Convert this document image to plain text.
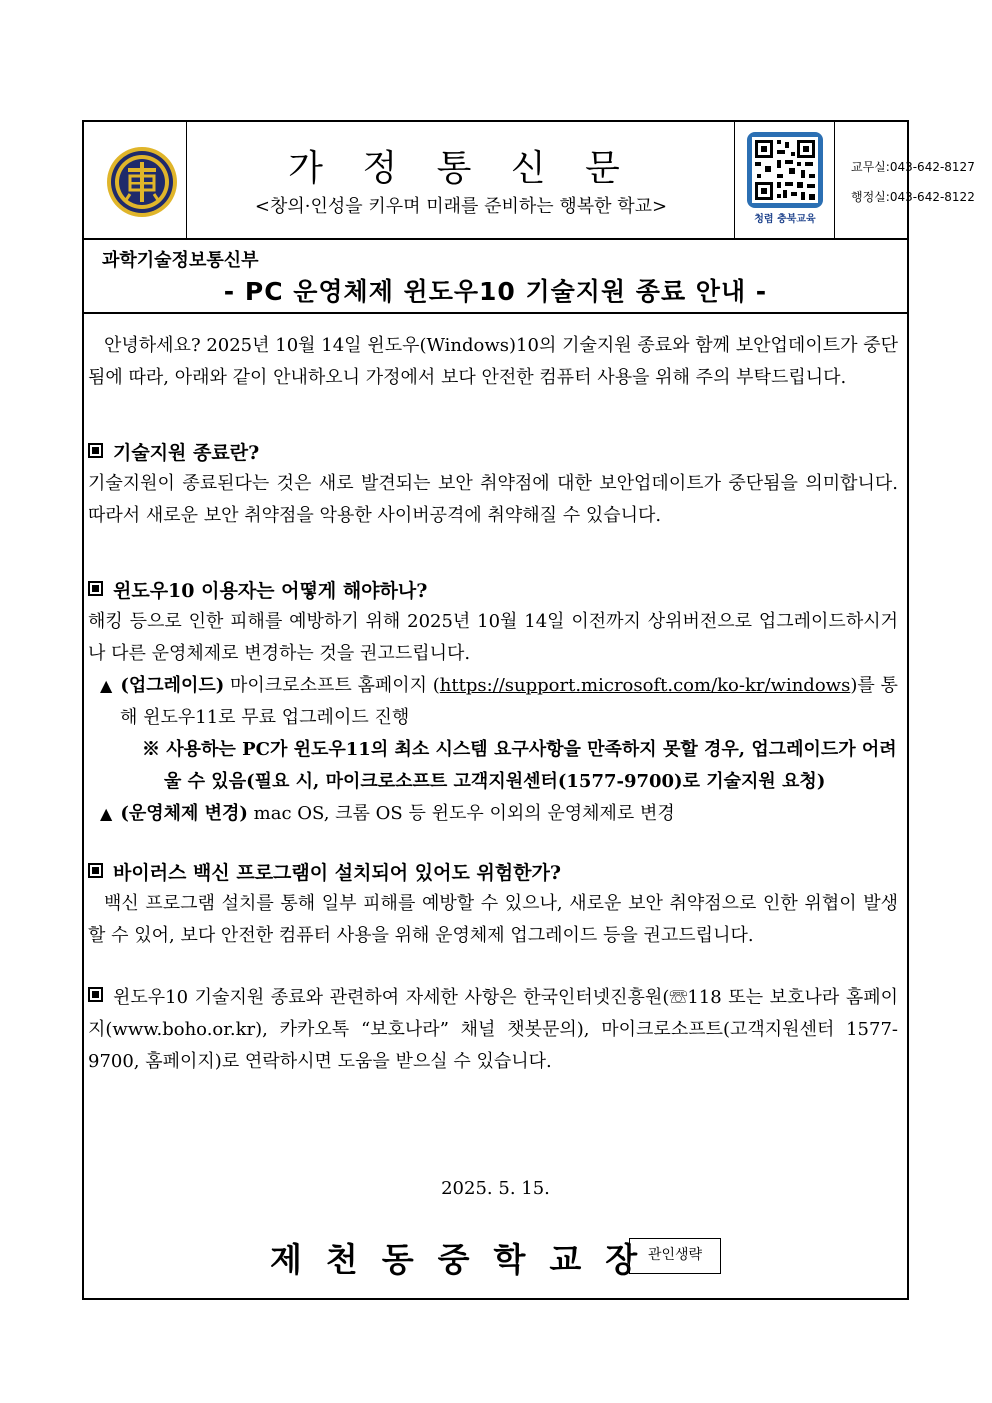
가 정 통 신 문
<창의·인성을 키우며 미래를 준비하는 행복한 학교>
청렴 충북교육
교무실:043-642-8127
행정실:043-642-8122
과학기술정보통신부
- PC 운영체제 윈도우10 기술지원 종료 안내 -

안녕하세요? 2025년 10월 14일 윈도우(Windows)10의 기술지원 종료와 함께 보안업데이트가 중단됨에 따라, 아래와 같이 안내하오니 가정에서 보다 안전한 컴퓨터 사용을 위해 주의 부탁드립니다.

기술지원 종료란?

기술지원이 종료된다는 것은 새로 발견되는 보안 취약점에 대한 보안업데이트가 중단됨을 의미합니다. 따라서 새로운 보안 취약점을 악용한 사이버공격에 취약해질 수 있습니다.

윈도우10 이용자는 어떻게 해야하나?

해킹 등으로 인한 피해를 예방하기 위해 2025년 10월 14일 이전까지 상위버전으로 업그레이드하시거나 다른 운영체제로 변경하는 것을 권고드립니다.

▲ (업그레이드) 마이크로소프트 홈페이지 (https://support.microsoft.com/ko-kr/windows)를 통해 윈도우11로 무료 업그레이드 진행

※ 사용하는 PC가 윈도우11의 최소 시스템 요구사항을 만족하지 못할 경우, 업그레이드가 어려울 수 있음(필요 시, 마이크로소프트 고객지원센터(1577-9700)로 기술지원 요청)

▲ (운영체제 변경) mac OS, 크롬 OS 등 윈도우 이외의 운영체제로 변경

바이러스 백신 프로그램이 설치되어 있어도 위험한가?

백신 프로그램 설치를 통해 일부 피해를 예방할 수 있으나, 새로운 보안 취약점으로 인한 위협이 발생할 수 있어, 보다 안전한 컴퓨터 사용을 위해 운영체제 업그레이드 등을 권고드립니다.

윈도우10 기술지원 종료와 관련하여 자세한 사항은 한국인터넷진흥원(☏118 또는 보호나라 홈페이지(www.boho.or.kr), 카카오톡 “보호나라” 채널 챗봇문의), 마이크로소프트(고객지원센터 1577-9700, 홈페이지)로 연락하시면 도움을 받으실 수 있습니다.

2025. 5. 15.
제천동중학교장
관인생략
